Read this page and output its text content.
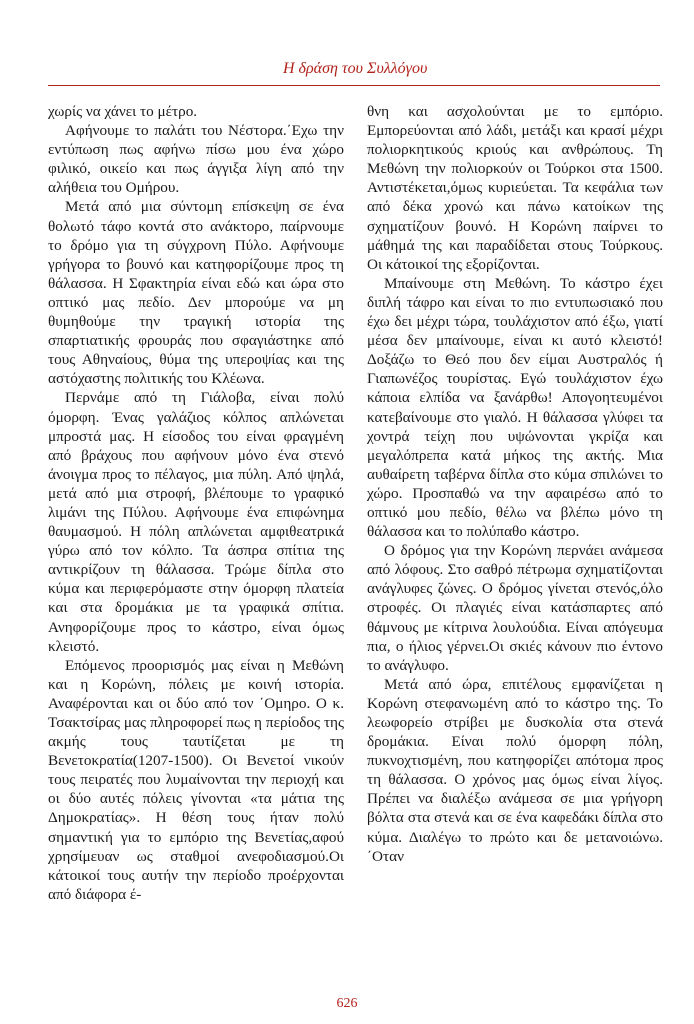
Η δράση του Συλλόγου

χωρίς να χάνει το μέτρο.

Αφήνουμε το παλάτι του Νέστορα.΄Εχω την εντύπωση πως αφήνω πίσω μου ένα χώρο φιλικό, οικείο και πως άγγιξα λίγη από την αλήθεια του Ομήρου.

Μετά από μια σύντομη επίσκεψη σε ένα θολωτό τάφο κοντά στο ανάκτορο, παίρνουμε το δρόμο για τη σύγχρονη Πύλο. Αφήνουμε γρήγορα το βουνό και κατηφορίζουμε προς τη θάλασσα. Η Σφακτηρία είναι εδώ και ώρα στο οπτικό μας πεδίο. Δεν μπορούμε να μη θυμηθούμε την τραγική ιστορία της σπαρτιατικής φρουράς που σφαγιάστηκε από τους Αθηναίους, θύμα της υπεροψίας και της αστόχαστης πολιτικής του Κλέωνα.

Περνάμε από τη Γιάλοβα, είναι πολύ όμορφη. Ένας γαλάζιος κόλπος απλώνεται μπροστά μας. Η είσοδος του είναι φραγμένη από βράχους που αφήνουν μόνο ένα στενό άνοιγμα προς το πέλαγος, μια πύλη. Από ψηλά, μετά από μια στροφή, βλέπουμε το γραφικό λιμάνι της Πύλου. Αφήνουμε ένα επιφώνημα θαυμασμού. Η πόλη απλώνεται αμφιθεατρικά γύρω από τον κόλπο. Τα άσπρα σπίτια της αντικρίζουν τη θάλασσα. Τρώμε δίπλα στο κύμα και περιφερόμαστε στην όμορφη πλατεία και στα δρομάκια με τα γραφικά σπίτια. Ανηφορίζουμε προς το κάστρο, είναι όμως κλειστό.

Επόμενος προορισμός μας είναι η Μεθώνη και η Κορώνη, πόλεις με κοινή ιστορία. Αναφέρονται και οι δύο από τον ΄Ομηρο. Ο κ. Τσακτσίρας μας πληροφορεί πως η περίοδος της ακμής τους ταυτίζεται με τη Βενετοκρατία(1207-1500). Οι Βενετοί νικούν τους πειρατές που λυμαίνονται την περιοχή και οι δύο αυτές πόλεις γίνονται «τα μάτια της Δημοκρατίας». Η θέση τους ήταν πολύ σημαντική για το εμπόριο της Βενετίας,αφού χρησίμευαν ως σταθμοί ανεφοδιασμού.Οι κάτοικοί τους αυτήν την περίοδο προέρχονται από διάφορα έ-

θνη και ασχολούνται με το εμπόριο. Εμπορεύονται από λάδι, μετάξι και κρασί μέχρι πολιορκητικούς κριούς και ανθρώπους. Τη Μεθώνη την πολιορκούν οι Τούρκοι στα 1500. Αντιστέκεται,όμως κυριεύεται. Τα κεφάλια των από δέκα χρονώ και πάνω κατοίκων της σχηματίζουν βουνό. Η Κορώνη παίρνει το μάθημά της και παραδίδεται στους Τούρκους. Οι κάτοικοί της εξορίζονται.

Μπαίνουμε στη Μεθώνη. Το κάστρο έχει διπλή τάφρο και είναι το πιο εντυπωσιακό που έχω δει μέχρι τώρα, τουλάχιστον από έξω, γιατί μέσα δεν μπαίνουμε, είναι κι αυτό κλειστό! Δοξάζω το Θεό που δεν είμαι Αυστραλός ή Γιαπωνέζος τουρίστας. Εγώ τουλάχιστον έχω κάποια ελπίδα να ξανάρθω! Απογοητευμένοι κατεβαίνουμε στο γιαλό. Η θάλασσα γλύφει τα χοντρά τείχη που υψώνονται γκρίζα και μεγαλόπρεπα κατά μήκος της ακτής. Μια αυθαίρετη ταβέρνα δίπλα στο κύμα σπιλώνει το χώρο. Προσπαθώ να την αφαιρέσω από το οπτικό μου πεδίο, θέλω να βλέπω μόνο τη θάλασσα και το πολύπαθο κάστρο.

Ο δρόμος για την Κορώνη περνάει ανάμεσα από λόφους. Στο σαθρό πέτρωμα σχηματίζονται ανάγλυφες ζώνες. Ο δρόμος γίνεται στενός,όλο στροφές. Οι πλαγιές είναι κατάσπαρτες από θάμνους με κίτρινα λουλούδια. Είναι απόγευμα πια, ο ήλιος γέρνει.Οι σκιές κάνουν πιο έντονο το ανάγλυφο.

Μετά από ώρα, επιτέλους εμφανίζεται η Κορώνη στεφανωμένη από το κάστρο της. Το λεωφορείο στρίβει με δυσκολία στα στενά δρομάκια. Είναι πολύ όμορφη πόλη, πυκνοχτισμένη, που κατηφορίζει απότομα προς τη θάλασσα. Ο χρόνος μας όμως είναι λίγος. Πρέπει να διαλέξω ανάμεσα σε μια γρήγορη βόλτα στα στενά και σε ένα καφεδάκι δίπλα στο κύμα. Διαλέγω το πρώτο και δε μετανοιώνω. ΄Οταν

626
